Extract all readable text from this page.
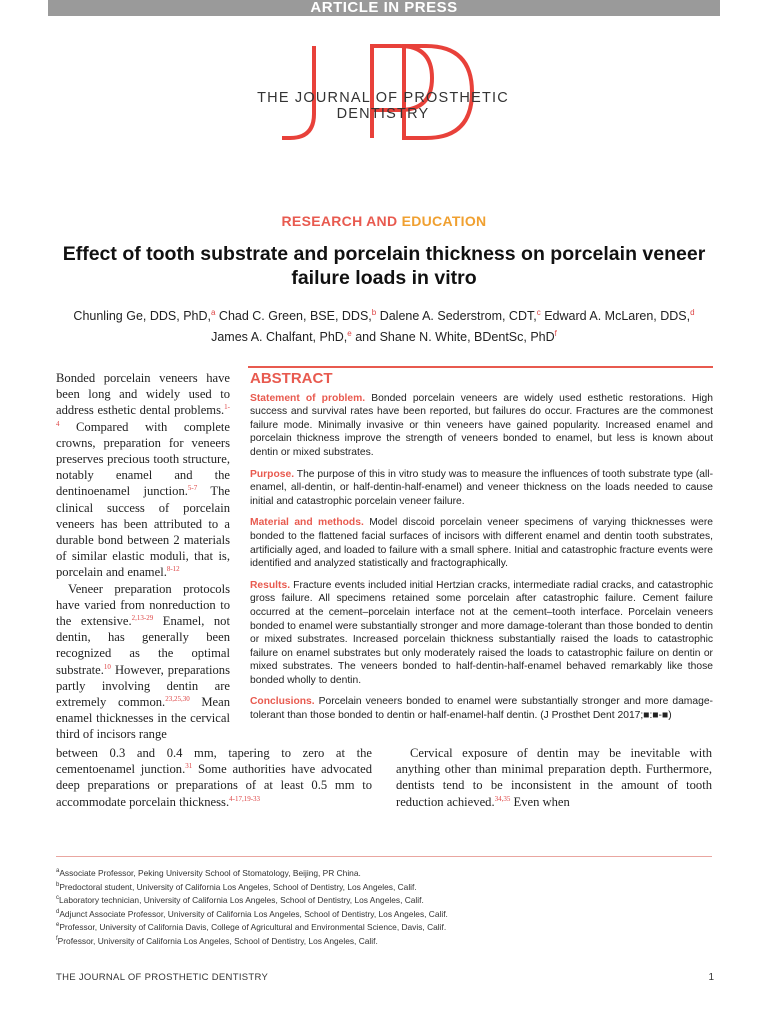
ARTICLE IN PRESS
THE JOURNAL OF PROSTHETIC DENTISTRY
RESEARCH AND EDUCATION
Effect of tooth substrate and porcelain thickness on porcelain veneer failure loads in vitro
Chunling Ge, DDS, PhD,$^a$ Chad C. Green, BSE, DDS,$^b$ Dalene A. Sederstrom, CDT,$^c$ Edward A. McLaren, DDS,$^d$
James A. Chalfant, PhD,$^e$ and Shane N. White, BDentSc, PhD$^f$

Bonded porcelain veneers have been long and widely used to address esthetic dental problems.$^{1-4}$ Compared with complete crowns, preparation for veneers preserves precious tooth structure, notably enamel and the dentinoenamel junction.$^{5-7}$ The clinical success of porcelain veneers has been attributed to a durable bond between 2 materials of similar elastic moduli, that is, porcelain and enamel.$^{8-12}$

Veneer preparation protocols have varied from nonreduction to the extensive.$^{2,13-29}$ Enamel, not dentin, has generally been recognized as the optimal substrate.$^{10}$ However, preparations partly involving dentin are extremely common.$^{23,25,30}$ Mean enamel thicknesses in the cervical third of incisors range

ABSTRACT

Statement of problem. Bonded porcelain veneers are widely used esthetic restorations. High success and survival rates have been reported, but failures do occur. Fractures are the commonest failure mode. Minimally invasive or thin veneers have gained popularity. Increased enamel and porcelain thickness improve the strength of veneers bonded to enamel, but less is known about dentin or mixed substrates.

Purpose. The purpose of this in vitro study was to measure the influences of tooth substrate type (all-enamel, all-dentin, or half-dentin-half-enamel) and veneer thickness on the loads needed to cause initial and catastrophic porcelain veneer failure.

Material and methods. Model discoid porcelain veneer specimens of varying thicknesses were bonded to the flattened facial surfaces of incisors with different enamel and dentin tooth substrates, artificially aged, and loaded to failure with a small sphere. Initial and catastrophic fracture events were identified and analyzed statistically and fractographically.

Results. Fracture events included initial Hertzian cracks, intermediate radial cracks, and catastrophic gross failure. All specimens retained some porcelain after catastrophic failure. Cement failure occurred at the cement–porcelain interface not at the cement–tooth interface. Porcelain veneers bonded to enamel were substantially stronger and more damage-tolerant than those bonded to dentin or mixed substrates. Increased porcelain thickness substantially raised the loads to catastrophic failure on enamel substrates but only moderately raised the loads to catastrophic failure on dentin or mixed substrates. The veneers bonded to half-dentin-half-enamel behaved remarkably like those bonded wholly to dentin.

Conclusions. Porcelain veneers bonded to enamel were substantially stronger and more damage-tolerant than those bonded to dentin or half-enamel-half dentin. (J Prosthet Dent 2017;■:■-■)

between 0.3 and 0.4 mm, tapering to zero at the cementoenamel junction.$^{31}$ Some authorities have advocated deep preparations or preparations of at least 0.5 mm to accommodate porcelain thickness.$^{4-17,19-33}$
Cervical exposure of dentin may be inevitable with anything other than minimal preparation depth. Furthermore, dentists tend to be inconsistent in the amount of tooth reduction achieved.$^{34,35}$ Even when
$^a$Associate Professor, Peking University School of Stomatology, Beijing, PR China.
$^b$Predoctoral student, University of California Los Angeles, School of Dentistry, Los Angeles, Calif.
$^c$Laboratory technician, University of California Los Angeles, School of Dentistry, Los Angeles, Calif.
$^d$Adjunct Associate Professor, University of California Los Angeles, School of Dentistry, Los Angeles, Calif.
$^e$Professor, University of California Davis, College of Agricultural and Environmental Science, Davis, Calif.
$^f$Professor, University of California Los Angeles, School of Dentistry, Los Angeles, Calif.
THE JOURNAL OF PROSTHETIC DENTISTRY	1
